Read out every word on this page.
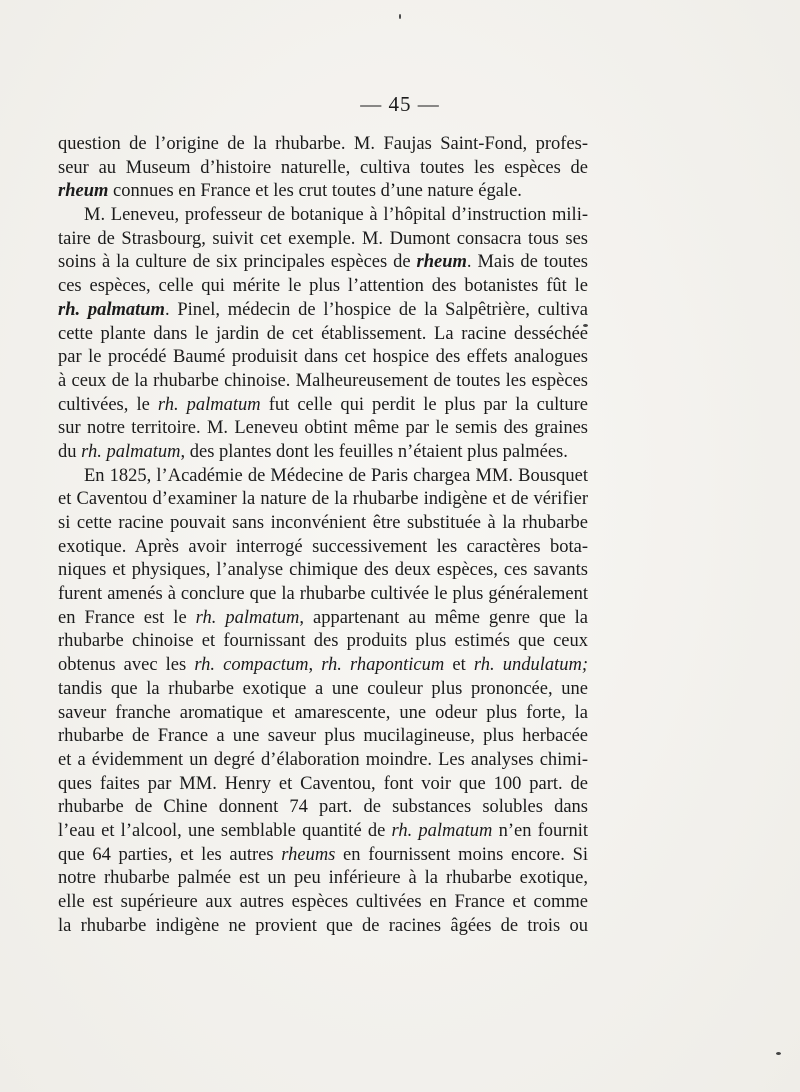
— 45 —
question de l’origine de la rhubarbe. M. Faujas Saint-Fond, profes-
seur au Museum d’histoire naturelle, cultiva toutes les espèces de
rheum connues en France et les crut toutes d’une nature égale.
M. Leneveu, professeur de botanique à l’hôpital d’instruction mili-
taire de Strasbourg, suivit cet exemple. M. Dumont consacra tous ses
soins à la culture de six principales espèces de rheum. Mais de toutes
ces espèces, celle qui mérite le plus l’attention des botanistes fût le
rh. palmatum. Pinel, médecin de l’hospice de la Salpêtrière, cultiva
cette plante dans le jardin de cet établissement. La racine desséchée
par le procédé Baumé produisit dans cet hospice des effets analogues
à ceux de la rhubarbe chinoise. Malheureusement de toutes les espèces
cultivées, le rh. palmatum fut celle qui perdit le plus par la culture
sur notre territoire. M. Leneveu obtint même par le semis des graines
du rh. palmatum, des plantes dont les feuilles n’étaient plus palmées.
En 1825, l’Académie de Médecine de Paris chargea MM. Bousquet
et Caventou d’examiner la nature de la rhubarbe indigène et de vérifier
si cette racine pouvait sans inconvénient être substituée à la rhubarbe
exotique. Après avoir interrogé successivement les caractères bota-
niques et physiques, l’analyse chimique des deux espèces, ces savants
furent amenés à conclure que la rhubarbe cultivée le plus généralement
en France est le rh. palmatum, appartenant au même genre que la
rhubarbe chinoise et fournissant des produits plus estimés que ceux
obtenus avec les rh. compactum, rh. rhaponticum et rh. undulatum;
tandis que la rhubarbe exotique a une couleur plus prononcée, une
saveur franche aromatique et amarescente, une odeur plus forte, la
rhubarbe de France a une saveur plus mucilagineuse, plus herbacée
et a évidemment un degré d’élaboration moindre. Les analyses chimi-
ques faites par MM. Henry et Caventou, font voir que 100 part. de
rhubarbe de Chine donnent 74 part. de substances solubles dans
l’eau et l’alcool, une semblable quantité de rh. palmatum n’en fournit
que 64 parties, et les autres rheums en fournissent moins encore. Si
notre rhubarbe palmée est un peu inférieure à la rhubarbe exotique,
elle est supérieure aux autres espèces cultivées en France et comme
la rhubarbe indigène ne provient que de racines âgées de trois ou
